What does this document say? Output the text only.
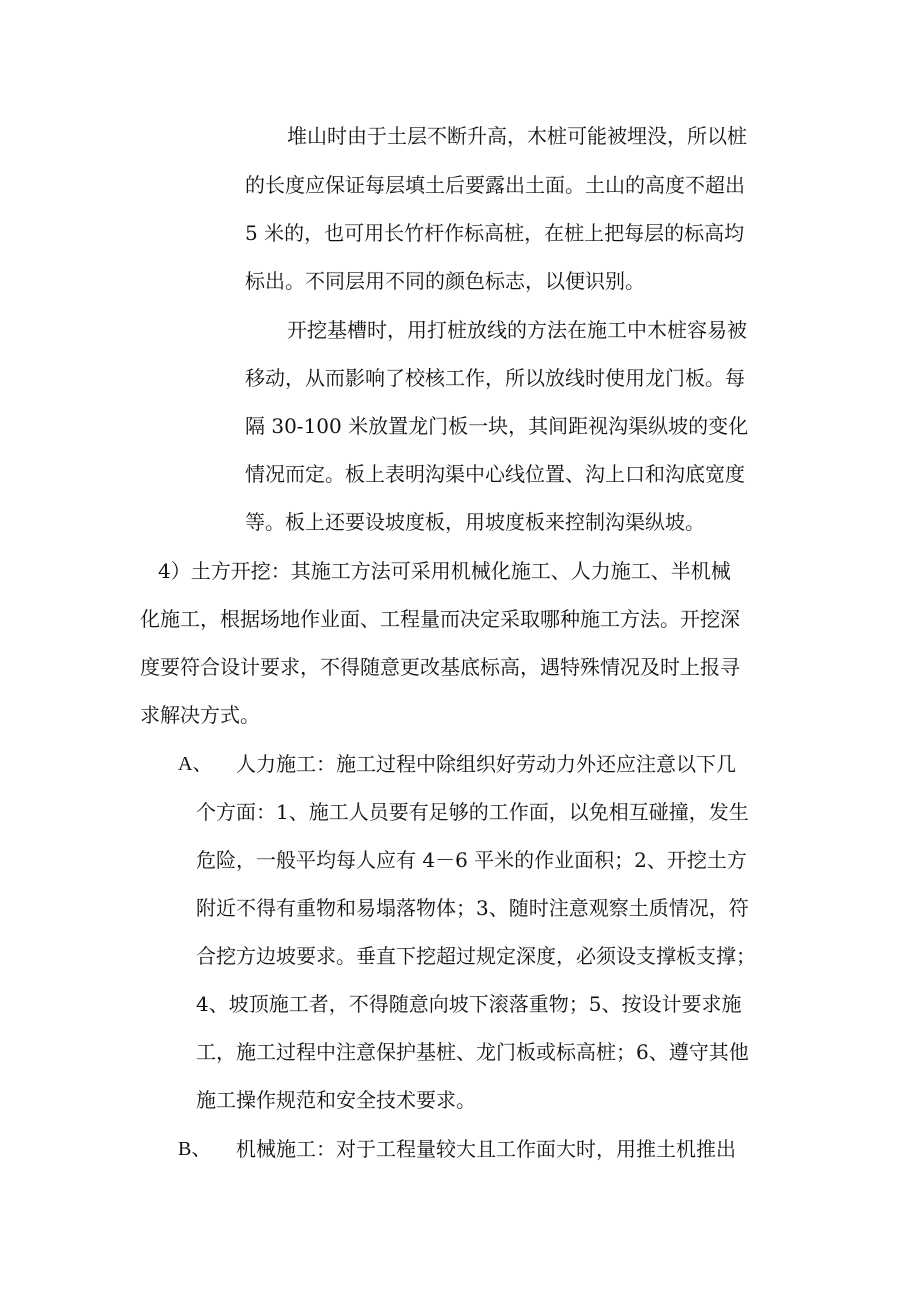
堆山时由于土层不断升高，木桩可能被埋没，所以桩
的长度应保证每层填土后要露出土面。土山的高度不超出
5 米的，也可用长竹杆作标高桩，在桩上把每层的标高均
标出。不同层用不同的颜色标志，以便识别。
开挖基槽时，用打桩放线的方法在施工中木桩容易被
移动，从而影响了校核工作，所以放线时使用龙门板。每
隔 30-100 米放置龙门板一块，其间距视沟渠纵坡的变化
情况而定。板上表明沟渠中心线位置、沟上口和沟底宽度
等。板上还要设坡度板，用坡度板来控制沟渠纵坡。
4）土方开挖：其施工方法可采用机械化施工、人力施工、半机械
化施工，根据场地作业面、工程量而决定采取哪种施工方法。开挖深
度要符合设计要求，不得随意更改基底标高，遇特殊情况及时上报寻
求解决方式。
A、 人力施工：施工过程中除组织好劳动力外还应注意以下几
个方面：1、施工人员要有足够的工作面，以免相互碰撞，发生
危险，一般平均每人应有 4－6 平米的作业面积；2、开挖土方
附近不得有重物和易塌落物体；3、随时注意观察土质情况，符
合挖方边坡要求。垂直下挖超过规定深度，必须设支撑板支撑；
4、坡顶施工者，不得随意向坡下滚落重物；5、按设计要求施
工，施工过程中注意保护基桩、龙门板或标高桩；6、遵守其他
施工操作规范和安全技术要求。
B、 机械施工：对于工程量较大且工作面大时，用推土机推出
